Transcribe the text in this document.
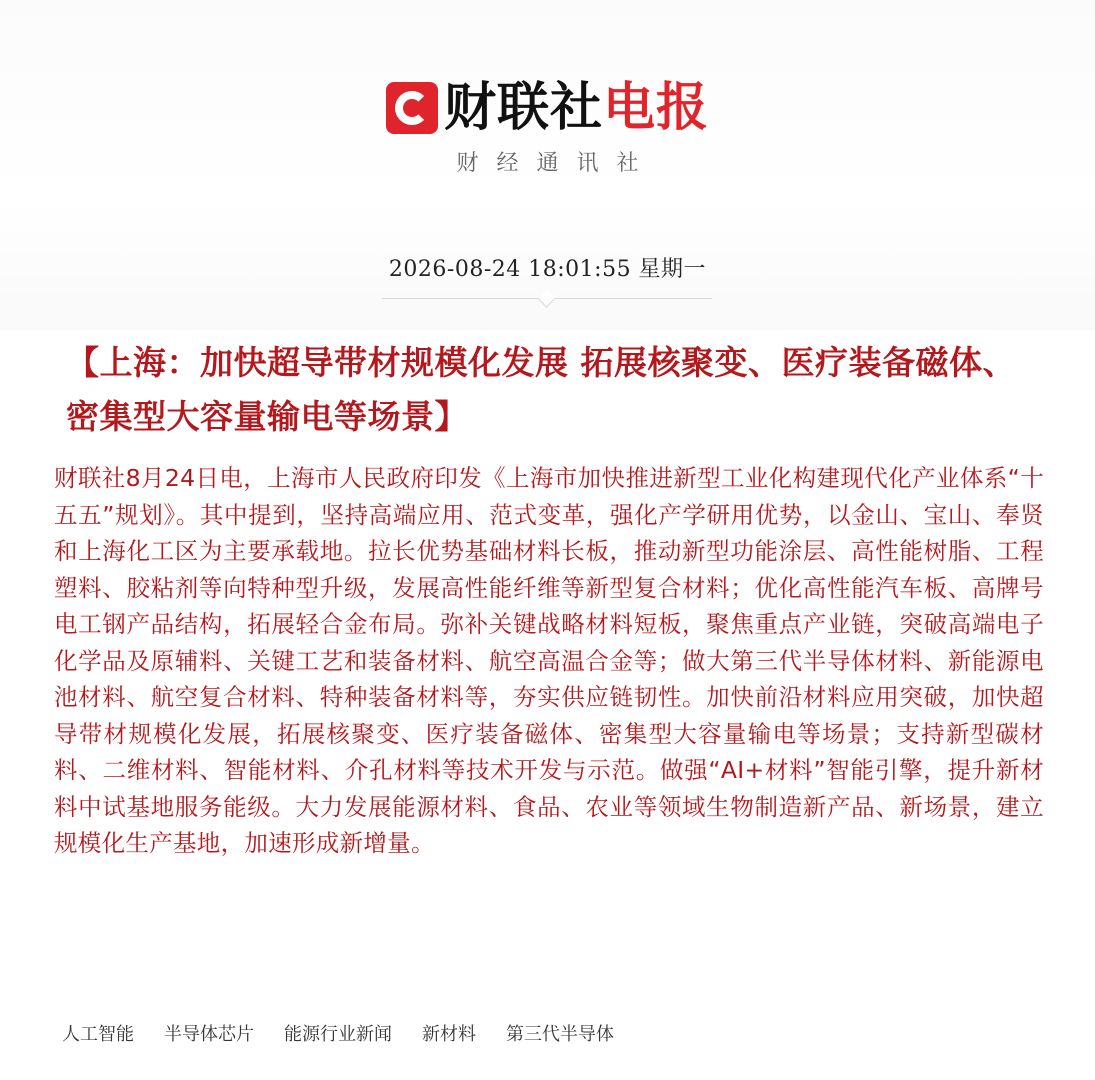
财联社电报
财经通讯社
2026-08-24 18:01:55 星期一
【上海：加快超导带材规模化发展 拓展核聚变、医疗装备磁体、密集型大容量输电等场景】
财联社8月24日电，上海市人民政府印发《上海市加快推进新型工业化构建现代化产业体系“十五五”规划》。其中提到，坚持高端应用、范式变革，强化产学研用优势，以金山、宝山、奉贤和上海化工区为主要承载地。拉长优势基础材料长板，推动新型功能涂层、高性能树脂、工程塑料、胶粘剂等向特种型升级，发展高性能纤维等新型复合材料；优化高性能汽车板、高牌号电工钢产品结构，拓展轻合金布局。弥补关键战略材料短板，聚焦重点产业链，突破高端电子化学品及原辅料、关键工艺和装备材料、航空高温合金等；做大第三代半导体材料、新能源电池材料、航空复合材料、特种装备材料等，夯实供应链韧性。加快前沿材料应用突破，加快超导带材规模化发展，拓展核聚变、医疗装备磁体、密集型大容量输电等场景；支持新型碳材料、二维材料、智能材料、介孔材料等技术开发与示范。做强“AI+材料”智能引擎，提升新材料中试基地服务能级。大力发展能源材料、食品、农业等领域生物制造新产品、新场景，建立规模化生产基地，加速形成新增量。
人工智能 半导体芯片 能源行业新闻 新材料 第三代半导体
